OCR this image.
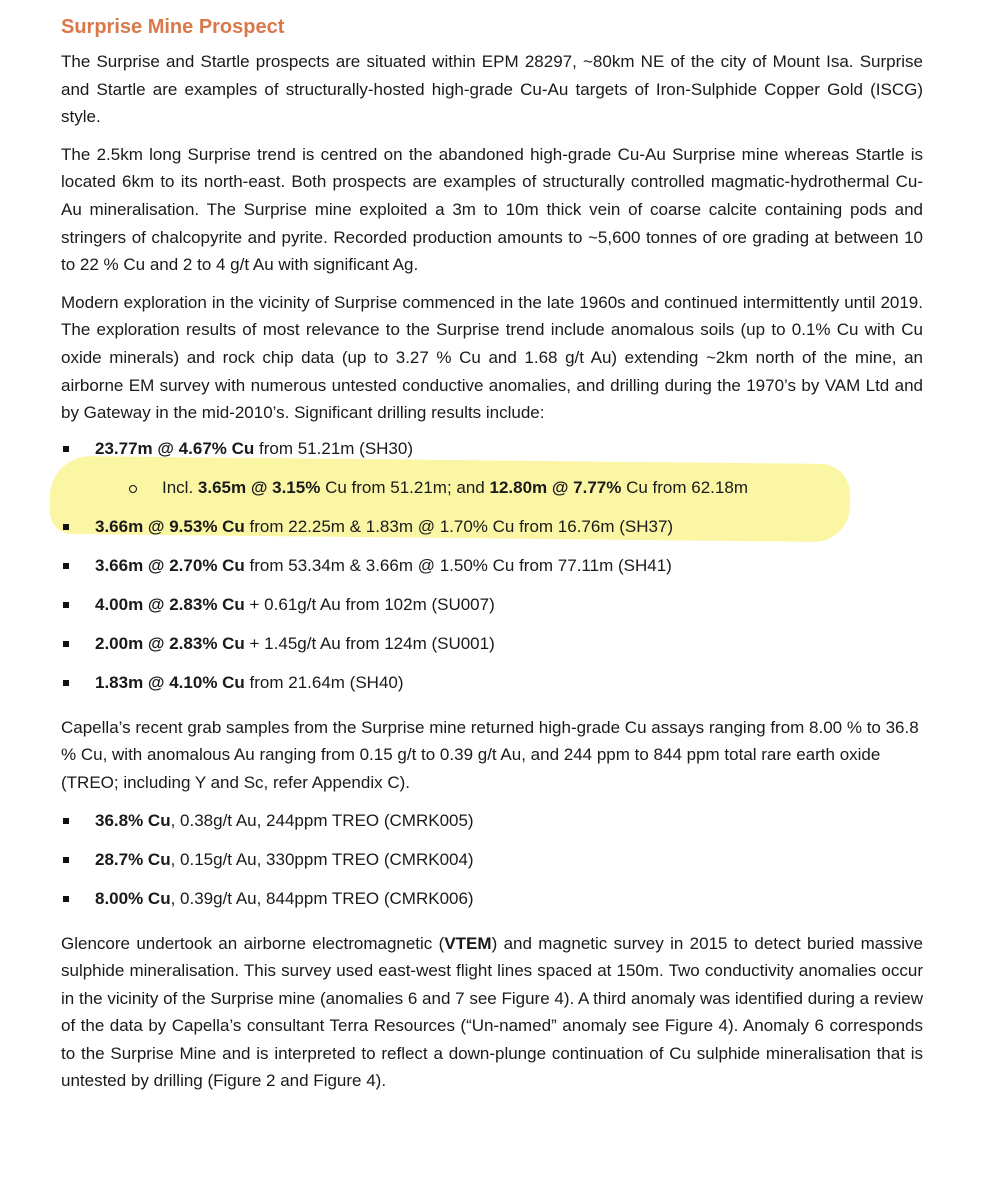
Surprise Mine Prospect

The Surprise and Startle prospects are situated within EPM 28297, ~80km NE of the city of Mount Isa. Surprise and Startle are examples of structurally-hosted high-grade Cu-Au targets of Iron-Sulphide Copper Gold (ISCG) style.

The 2.5km long Surprise trend is centred on the abandoned high-grade Cu-Au Surprise mine whereas Startle is located 6km to its north-east. Both prospects are examples of structurally controlled magmatic-hydrothermal Cu-Au mineralisation. The Surprise mine exploited a 3m to 10m thick vein of coarse calcite containing pods and stringers of chalcopyrite and pyrite. Recorded production amounts to ~5,600 tonnes of ore grading at between 10 to 22 % Cu and 2 to 4 g/t Au with significant Ag.

Modern exploration in the vicinity of Surprise commenced in the late 1960s and continued intermittently until 2019. The exploration results of most relevance to the Surprise trend include anomalous soils (up to 0.1% Cu with Cu oxide minerals) and rock chip data (up to 3.27 % Cu and 1.68 g/t Au) extending ~2km north of the mine, an airborne EM survey with numerous untested conductive anomalies, and drilling during the 1970’s by VAM Ltd and by Gateway in the mid-2010’s. Significant drilling results include:

23.77m @ 4.67% Cu from 51.21m (SH30)
Incl. 3.65m @ 3.15% Cu from 51.21m; and 12.80m @ 7.77% Cu from 62.18m
3.66m @ 9.53% Cu from 22.25m & 1.83m @ 1.70% Cu from 16.76m (SH37)
3.66m @ 2.70% Cu from 53.34m & 3.66m @ 1.50% Cu from 77.11m (SH41)
4.00m @ 2.83% Cu + 0.61g/t Au from 102m (SU007)
2.00m @ 2.83% Cu + 1.45g/t Au from 124m (SU001)
1.83m @ 4.10% Cu from 21.64m (SH40)

Capella’s recent grab samples from the Surprise mine returned high-grade Cu assays ranging from 8.00 % to 36.8 % Cu, with anomalous Au ranging from 0.15 g/t to 0.39 g/t Au, and 244 ppm to 844 ppm total rare earth oxide (TREO; including Y and Sc, refer Appendix C).

36.8% Cu, 0.38g/t Au, 244ppm TREO (CMRK005)
28.7% Cu, 0.15g/t Au, 330ppm TREO (CMRK004)
8.00% Cu, 0.39g/t Au, 844ppm TREO (CMRK006)

Glencore undertook an airborne electromagnetic (VTEM) and magnetic survey in 2015 to detect buried massive sulphide mineralisation. This survey used east-west flight lines spaced at 150m. Two conductivity anomalies occur in the vicinity of the Surprise mine (anomalies 6 and 7 see Figure 4). A third anomaly was identified during a review of the data by Capella’s consultant Terra Resources (“Un-named” anomaly see Figure 4). Anomaly 6 corresponds to the Surprise Mine and is interpreted to reflect a down-plunge continuation of Cu sulphide mineralisation that is untested by drilling (Figure 2 and Figure 4).
